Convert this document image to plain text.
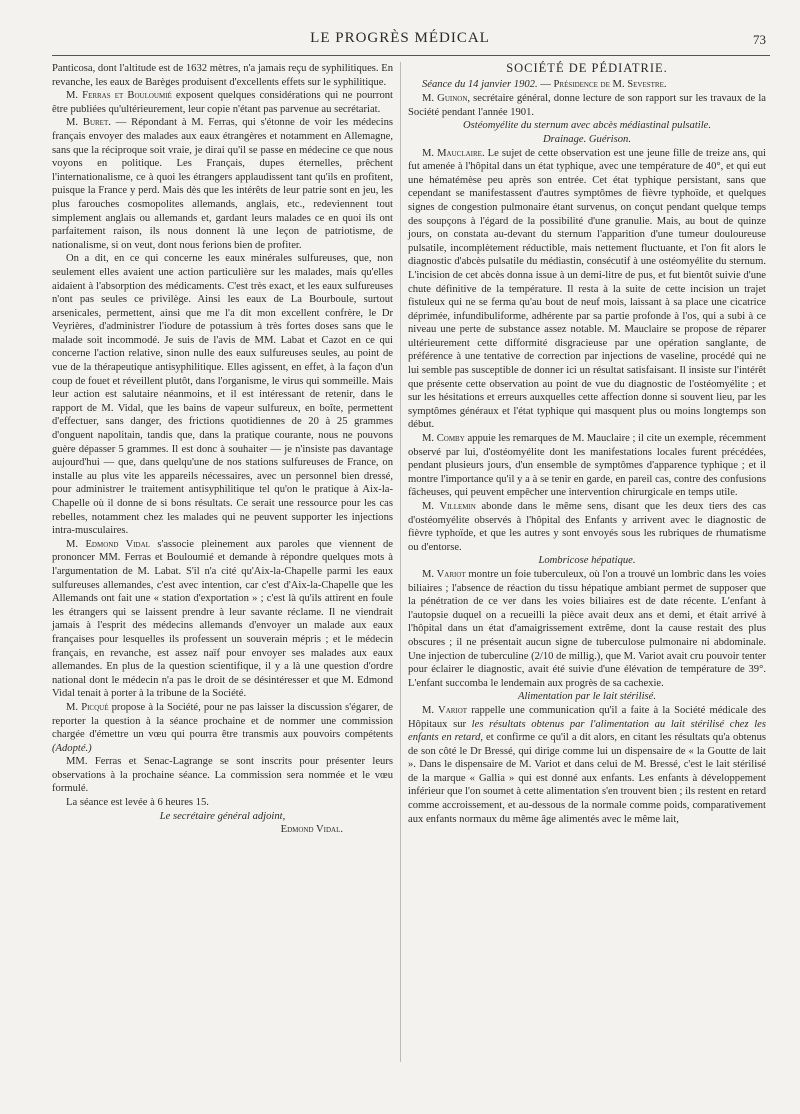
LE PROGRÈS MÉDICAL	73

Panticosa, dont l'altitude est de 1632 mètres, n'a jamais reçu de syphilitiques. En revanche, les eaux de Barèges produisent d'excellents effets sur le syphilitique.

M. Ferras et Bouloumié exposent quelques considérations qui ne pourront être publiées qu'ultérieurement, leur copie n'étant pas parvenue au secrétariat.

M. Buret. — Répondant à M. Ferras, qui s'étonne de voir les médecins français envoyer des malades aux eaux étrangères et notamment en Allemagne, sans que la réciproque soit vraie, je dirai qu'il se passe en médecine ce que nous voyons en politique. Les Français, dupes éternelles, prêchent l'internationalisme, ce à quoi les étrangers applaudissent tant qu'ils en profitent, puisque la France y perd. Mais dès que les intérêts de leur patrie sont en jeu, les plus farouches cosmopolites allemands, anglais, etc., redeviennent tout simplement anglais ou allemands et, gardant leurs malades ce en quoi ils ont parfaitement raison, ils nous donnent là une leçon de patriotisme, de nationalisme, si on veut, dont nous ferions bien de profiter.

On a dit, en ce qui concerne les eaux minérales sulfureuses, que, non seulement elles avaient une action particulière sur les malades, mais qu'elles aidaient à l'absorption des médicaments. C'est très exact, et les eaux sulfureuses n'ont pas seules ce privilège. Ainsi les eaux de La Bourboule, surtout arsenicales, permettent, ainsi que me l'a dit mon excellent confrère, le Dr Veyrières, d'administrer l'iodure de potassium à très fortes doses sans que le malade soit incommodé. Je suis de l'avis de MM. Labat et Cazot en ce qui concerne l'action relative, sinon nulle des eaux sulfureuses seules, au point de vue de la thérapeutique antisyphilitique. Elles agissent, en effet, à la façon d'un coup de fouet et réveillent plutôt, dans l'organisme, le virus qui sommeille. Mais leur action est salutaire néanmoins, et il est intéressant de retenir, dans le rapport de M. Vidal, que les bains de vapeur sulfureux, en boîte, permettent d'effectuer, sans danger, des frictions quotidiennes de 20 à 25 grammes d'onguent napolitain, tandis que, dans la pratique courante, nous ne pouvons guère dépasser 5 grammes. Il est donc à souhaiter — je n'insiste pas davantage aujourd'hui — que, dans quelqu'une de nos stations sulfureuses de France, on installe au plus vite les appareils nécessaires, avec un personnel bien dressé, pour administrer le traitement antisyphilitique tel qu'on le pratique à Aix-la-Chapelle où il donne de si bons résultats. Ce serait une ressource pour les cas rebelles, notamment chez les malades qui ne peuvent supporter les injections intra-musculaires.

M. Edmond Vidal s'associe pleinement aux paroles que viennent de prononcer MM. Ferras et Bouloumié et demande à répondre quelques mots à l'argumentation de M. Labat. S'il n'a cité qu'Aix-la-Chapelle parmi les eaux sulfureuses allemandes, c'est avec intention, car c'est d'Aix-la-Chapelle que les Allemands ont fait une « station d'exportation » ; c'est là qu'ils attirent en foule les étrangers qui se laissent prendre à leur savante réclame. Il ne viendrait jamais à l'esprit des médecins allemands d'envoyer un malade aux eaux françaises pour lesquelles ils professent un souverain mépris ; et le médecin français, en revanche, est assez naïf pour envoyer ses malades aux eaux allemandes. En plus de la question scientifique, il y a là une question d'ordre national dont le médecin n'a pas le droit de se désintéresser et que M. Edmond Vidal tenait à porter à la tribune de la Société.

M. Picqué propose à la Société, pour ne pas laisser la discussion s'égarer, de reporter la question à la séance prochaine et de nommer une commission chargée d'émettre un vœu qui pourra être transmis aux pouvoirs compétents (Adopté.)

MM. Ferras et Senac-Lagrange se sont inscrits pour présenter leurs observations à la prochaine séance. La commission sera nommée et le vœu formulé.

La séance est levée à 6 heures 15.

Le secrétaire général adjoint,

Edmond Vidal.

SOCIÉTÉ DE PÉDIATRIE.

Séance du 14 janvier 1902. — Présidence de M. Sevestre.

M. Guinon, secrétaire général, donne lecture de son rapport sur les travaux de la Société pendant l'année 1901.

Ostéomyélite du sternum avec abcès médiastinal pulsatile.

Drainage. Guérison.

M. Mauclaire. Le sujet de cette observation est une jeune fille de treize ans, qui fut amenée à l'hôpital dans un état typhique, avec une température de 40°, et qui eut une hématémèse peu après son entrée. Cet état typhique persistant, sans que cependant se manifestassent d'autres symptômes de fièvre typhoïde, et quelques signes de congestion pulmonaire étant survenus, on conçut pendant quelque temps des soupçons à l'égard de la possibilité d'une granulie. Mais, au bout de quinze jours, on constata au-devant du sternum l'apparition d'une tumeur douloureuse pulsatile, incomplètement réductible, mais nettement fluctuante, et l'on fit alors le diagnostic d'abcès pulsatile du médiastin, consécutif à une ostéomyélite du sternum. L'incision de cet abcès donna issue à un demi-litre de pus, et fut bientôt suivie d'une chute définitive de la température. Il resta à la suite de cette incision un trajet fistuleux qui ne se ferma qu'au bout de neuf mois, laissant à sa place une cicatrice déprimée, infundibuliforme, adhérente par sa partie profonde à l'os, qui a subi à ce niveau une perte de substance assez notable. M. Mauclaire se propose de réparer ultérieurement cette difformité disgracieuse par une opération sanglante, de préférence à une tentative de correction par injections de vaseline, procédé qui ne lui semble pas susceptible de donner ici un résultat satisfaisant. Il insiste sur l'intérêt que présente cette observation au point de vue du diagnostic de l'ostéomyélite ; et sur les hésitations et erreurs auxquelles cette affection donne si souvent lieu, par les symptômes généraux et l'état typhique qui masquent plus ou moins longtemps son début.

M. Comby appuie les remarques de M. Mauclaire ; il cite un exemple, récemment observé par lui, d'ostéomyélite dont les manifestations locales furent précédées, pendant plusieurs jours, d'un ensemble de symptômes d'apparence typhique ; et il montre l'importance qu'il y a à se tenir en garde, en pareil cas, contre des confusions fâcheuses, qui peuvent empêcher une intervention chirurgicale en temps utile.

M. Villemin abonde dans le même sens, disant que les deux tiers des cas d'ostéomyélite observés à l'hôpital des Enfants y arrivent avec le diagnostic de fièvre typhoïde, et que les autres y sont envoyés sous les rubriques de rhumatisme ou d'entorse.

Lombricose hépatique.

M. Variot montre un foie tuberculeux, où l'on a trouvé un lombric dans les voies biliaires ; l'absence de réaction du tissu hépatique ambiant permet de supposer que la pénétration de ce ver dans les voies biliaires est de date récente. L'enfant à l'autopsie duquel on a recueilli la pièce avait deux ans et demi, et était arrivé à l'hôpital dans un état d'amaigrissement extrême, dont la cause restait des plus obscures ; il ne présentait aucun signe de tuberculose pulmonaire ni abdominale. Une injection de tuberculine (2/10 de millig.), que M. Variot avait cru pouvoir tenter pour éclairer le diagnostic, avait été suivie d'une élévation de température de 39°. L'enfant succomba le lendemain aux progrès de sa cachexie.

Alimentation par le lait stérilisé.

M. Variot rappelle une communication qu'il a faite à la Société médicale des Hôpitaux sur les résultats obtenus par l'alimentation au lait stérilisé chez les enfants en retard, et confirme ce qu'il a dit alors, en citant les résultats qu'a obtenus de son côté le Dr Bressé, qui dirige comme lui un dispensaire de « la Goutte de lait ». Dans le dispensaire de M. Variot et dans celui de M. Bressé, c'est le lait stérilisé de la marque « Gallia » qui est donné aux enfants. Les enfants à développement inférieur que l'on soumet à cette alimentation s'en trouvent bien ; ils restent en retard comme accroissement, et au-dessous de la normale comme poids, comparativement aux enfants normaux du même âge alimentés avec le même lait,
